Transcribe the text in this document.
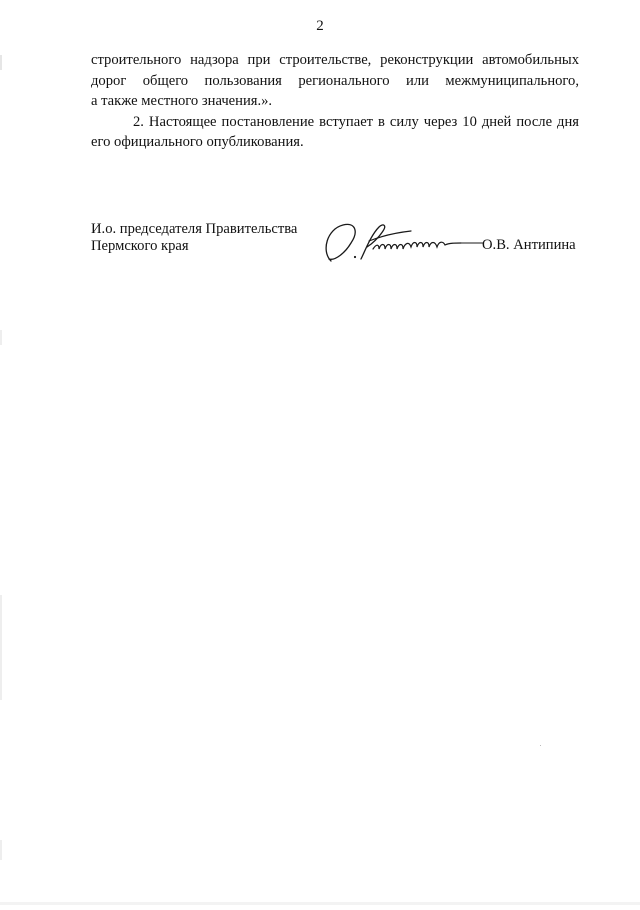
2

строительного надзора при строительстве, реконструкции автомобильных

дорог общего пользования регионального или межмуниципального,

а также местного значения.».

2. Настоящее постановление вступает в силу через 10 дней после дня

его официального опубликования.

И.о. председателя Правительства
Пермского края	О.В. Антипина
